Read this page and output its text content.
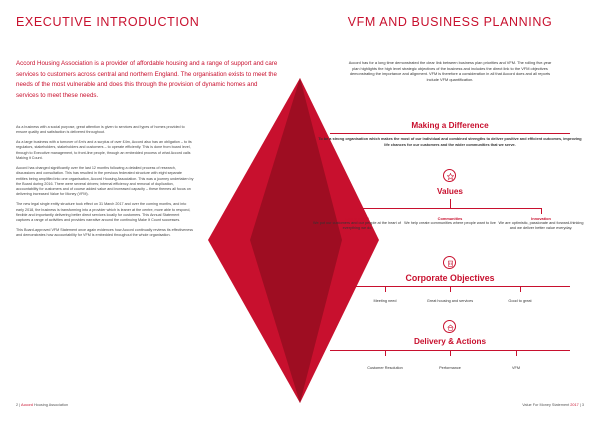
EXECUTIVE INTRODUCTION

Accord Housing Association is a provider of affordable housing and a range of support and care services to customers across central and northern England. The organisation exists to meet the needs of the most vulnerable and does this through the provision of dynamic homes and services to meet these needs.

As a business with a social purpose, great attention is given to services and types of homes provided to ensure quality and satisfaction is delivered throughout.

As a large business with a turnover of £m's and a surplus of over £4m, Accord also has an obligation – to its regulators, stakeholders, stakeholders and customers – to operate efficiently. This is done from board level, through to Executive management, to front-line people, through an embedded process of what Accord calls Making it Count.

Accord has changed significantly over the last 12 months following a detailed process of research, discussions and consultation. This has resulted in the previous federated structure with eight separate entities being amplified into one organisation, Accord Housing Association. This was a journey undertaken by the Board during 2016. There were several drivers; internal efficiency and removal of duplication, accountability for customers and of course added value and increased capacity – these themes all focus on delivering increased Value for Money (VFM).

The new legal single entity structure took effect on 31 March 2017 and over the coming months, and into early 2018, the business is transforming into a provider which is leaner at the centre, more able to respond, flexible and importantly delivering better direct services locally for customers. This Annual Statement captures a range of activities and provides narrative around the continuing Make It Count successes.

This Board-approved VFM Statement once again evidences how Accord continually reviews its effectiveness and demonstrates how accountability for VFM is embedded throughout the whole organisation.

2 | Accord Housing Association
VFM AND BUSINESS PLANNING
Accord has for a long time demonstrated the clear link between business plan priorities and VFM. The rolling five-year plan highlights the high level strategic objectives of the business and includes the direct link to the VFM objectives demonstrating the importance and alignment. VFM is therefore a consideration in all that Accord does and all reports include VFM quantification.
Making a Difference
To be a strong organisation which makes the most of our individual and combined strengths to deliver positive and efficient outcomes, improving life chances for our customers and the wider communities that we serve.
Values
Commitment
We put our customers and our people at the heart of everything we do
Communities
We help create communities where people want to live
Innovation
We are optimistic, passionate and forward-thinking and we deliver better value everyday.
Corporate Objectives
Meeting need	Great housing and services	Good to great
Delivery & Actions
Customer Resolution	Performance	VFM
Value For Money Statement 2017 | 3
